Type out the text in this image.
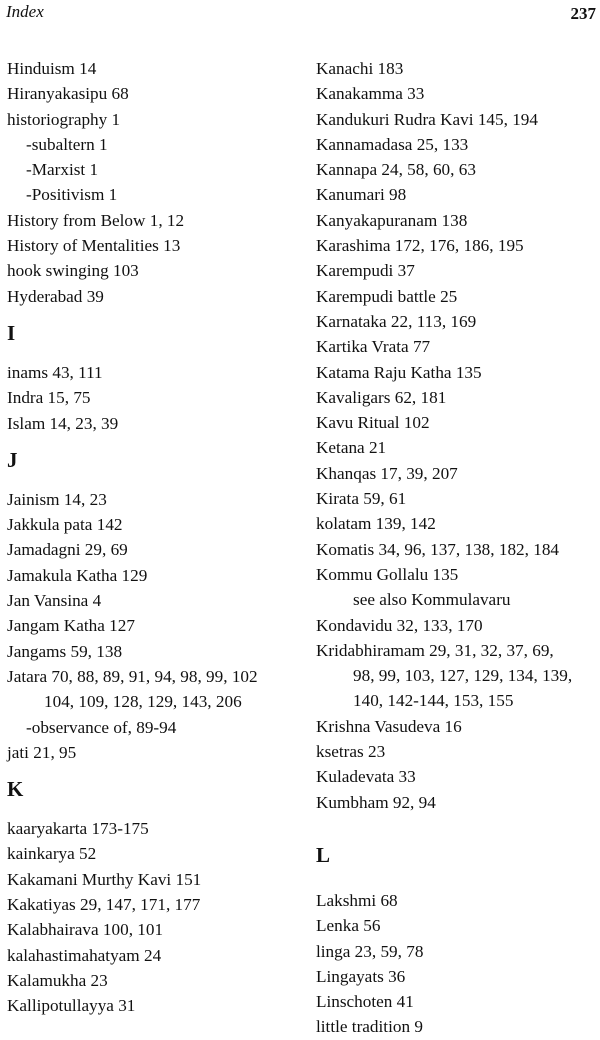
Index	237
Hinduism 14
Hiranyakasipu 68
historiography 1
-subaltern 1
-Marxist 1
-Positivism 1
History from Below 1, 12
History of Mentalities 13
hook swinging 103
Hyderabad 39
I
inams 43, 111
Indra 15, 75
Islam 14, 23, 39
J
Jainism 14, 23
Jakkula pata 142
Jamadagni 29, 69
Jamakula Katha 129
Jan Vansina 4
Jangam Katha 127
Jangams 59, 138
Jatara 70, 88, 89, 91, 94, 98, 99, 102
104, 109, 128, 129, 143, 206
-observance of, 89-94
jati 21, 95
K
kaaryakarta 173-175
kainkarya 52
Kakamani Murthy Kavi 151
Kakatiyas 29, 147, 171, 177
Kalabhairava 100, 101
kalahastimahatyam 24
Kalamukha 23
Kallipotullayya 31
Kanachi 183
Kanakamma 33
Kandukuri Rudra Kavi 145, 194
Kannamadasa 25, 133
Kannapa 24, 58, 60, 63
Kanumari 98
Kanyakapuranam 138
Karashima 172, 176, 186, 195
Karempudi 37
Karempudi battle 25
Karnataka 22, 113, 169
Kartika Vrata 77
Katama Raju Katha 135
Kavaligars 62, 181
Kavu Ritual 102
Ketana 21
Khanqas 17, 39, 207
Kirata 59, 61
kolatam 139, 142
Komatis 34, 96, 137, 138, 182, 184
Kommu Gollalu 135
see also Kommulavaru
Kondavidu 32, 133, 170
Kridabhiramam 29, 31, 32, 37, 69,
98, 99, 103, 127, 129, 134, 139,
140, 142-144, 153, 155
Krishna Vasudeva 16
ksetras 23
Kuladevata 33
Kumbham 92, 94
L
Lakshmi 68
Lenka 56
linga 23, 59, 78
Lingayats 36
Linschoten 41
little tradition 9
